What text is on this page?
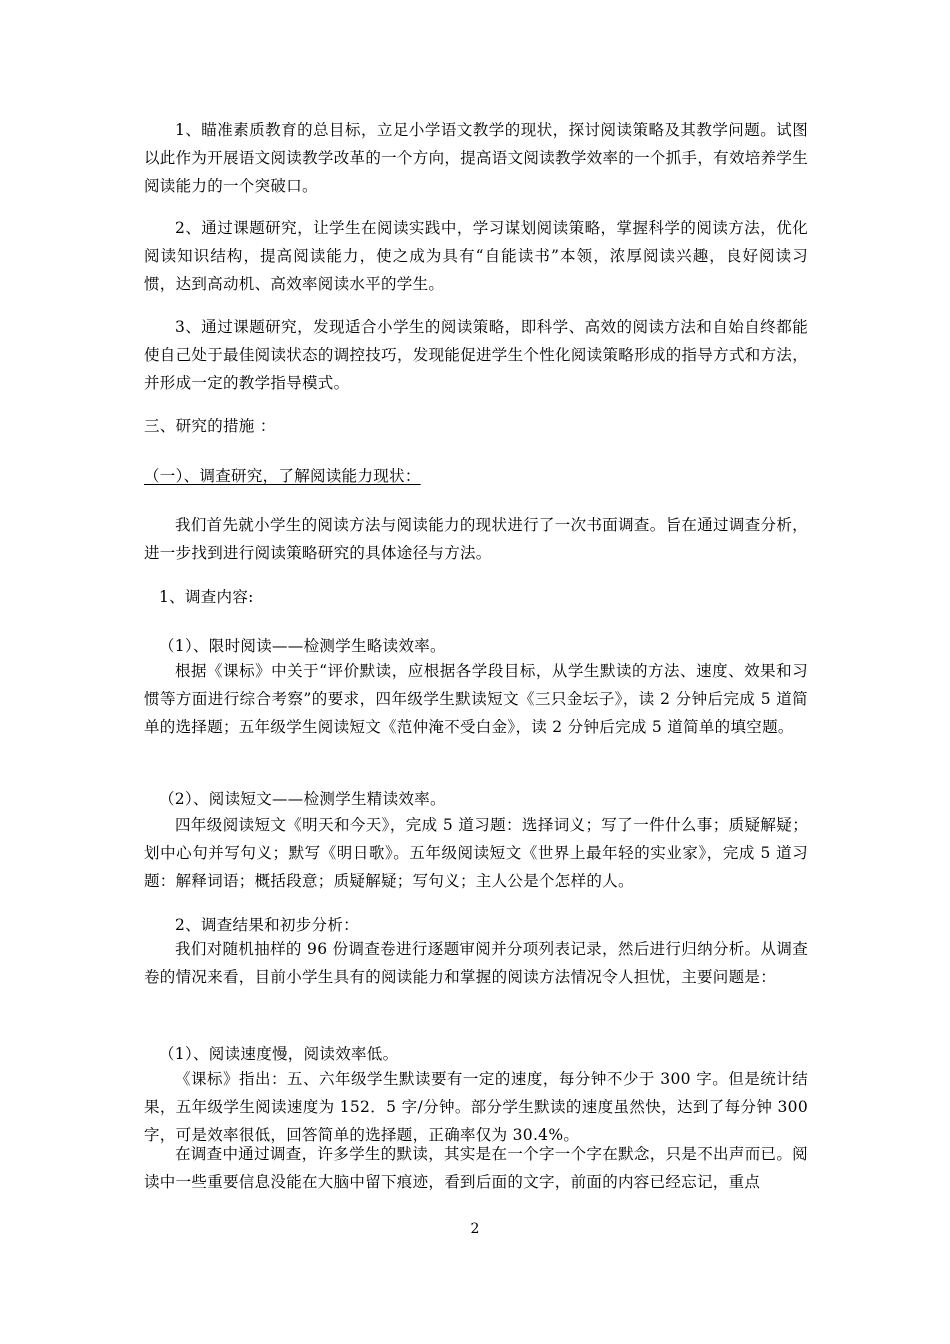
1、瞄准素质教育的总目标，立足小学语文教学的现状，探讨阅读策略及其教学问题。试图以此作为开展语文阅读教学改革的一个方向，提高语文阅读教学效率的一个抓手，有效培养学生阅读能力的一个突破口。

2、通过课题研究，让学生在阅读实践中，学习谋划阅读策略，掌握科学的阅读方法，优化阅读知识结构，提高阅读能力，使之成为具有“自能读书”本领，浓厚阅读兴趣，良好阅读习惯，达到高动机、高效率阅读水平的学生。

3、通过课题研究，发现适合小学生的阅读策略，即科学、高效的阅读方法和自始自终都能使自己处于最佳阅读状态的调控技巧，发现能促进学生个性化阅读策略形成的指导方式和方法，并形成一定的教学指导模式。

三、研究的措施 ：

（一）、调查研究，了解阅读能力现状：

我们首先就小学生的阅读方法与阅读能力的现状进行了一次书面调查。旨在通过调查分析，进一步找到进行阅读策略研究的具体途径与方法。

1、调查内容:

（1）、限时阅读——检测学生略读效率。

根据《课标》中关于“评价默读，应根据各学段目标，从学生默读的方法、速度、效果和习惯等方面进行综合考察”的要求，四年级学生默读短文《三只金坛子》，读 2 分钟后完成 5 道简单的选择题；五年级学生阅读短文《范仲淹不受白金》，读 2 分钟后完成 5 道简单的填空题。

（2）、阅读短文——检测学生精读效率。

四年级阅读短文《明天和今天》，完成 5 道习题：选择词义；写了一件什么事；质疑解疑；划中心句并写句义；默写《明日歌》。五年级阅读短文《世界上最年轻的实业家》，完成 5 道习题：解释词语；概括段意；质疑解疑；写句义；主人公是个怎样的人。

2、调查结果和初步分析：

我们对随机抽样的 96 份调查卷进行逐题审阅并分项列表记录，然后进行归纳分析。从调查卷的情况来看，目前小学生具有的阅读能力和掌握的阅读方法情况令人担忧，主要问题是：

（1）、阅读速度慢，阅读效率低。

《课标》指出：五、六年级学生默读要有一定的速度，每分钟不少于 300 字。但是统计结果，五年级学生阅读速度为 152．5 字/分钟。部分学生默读的速度虽然快，达到了每分钟 300 字，可是效率很低，回答简单的选择题，正确率仅为 30.4%。

在调查中通过调查，许多学生的默读，其实是在一个字一个字在默念，只是不出声而已。阅读中一些重要信息没能在大脑中留下痕迹，看到后面的文字，前面的内容已经忘记，重点

2
